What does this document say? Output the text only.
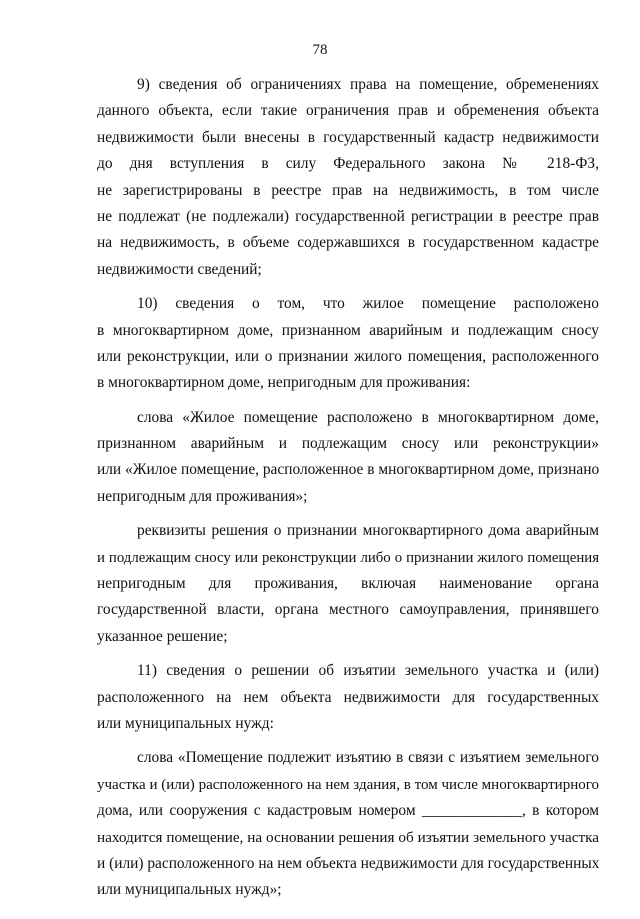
78
9) сведения об ограничениях права на помещение, обременениях
данного объекта, если такие ограничения прав и обременения объекта
недвижимости были внесены в государственный кадастр недвижимости
до дня вступления в силу Федерального закона № 218-ФЗ,
не зарегистрированы в реестре прав на недвижимость, в том числе
не подлежат (не подлежали) государственной регистрации в реестре прав
на недвижимость, в объеме содержавшихся в государственном кадастре
недвижимости сведений;
10) сведения о том, что жилое помещение расположено
в многоквартирном доме, признанном аварийным и подлежащим сносу
или реконструкции, или о признании жилого помещения, расположенного
в многоквартирном доме, непригодным для проживания:
слова «Жилое помещение расположено в многоквартирном доме,
признанном аварийным и подлежащим сносу или реконструкции»
или «Жилое помещение, расположенное в многоквартирном доме, признано
непригодным для проживания»;
реквизиты решения о признании многоквартирного дома аварийным
и подлежащим сносу или реконструкции либо о признании жилого помещения
непригодным для проживания, включая наименование органа
государственной власти, органа местного самоуправления, принявшего
указанное решение;
11) сведения о решении об изъятии земельного участка и (или)
расположенного на нем объекта недвижимости для государственных
или муниципальных нужд:
слова «Помещение подлежит изъятию в связи с изъятием земельного
участка и (или) расположенного на нем здания, в том числе многоквартирного
дома, или сооружения с кадастровым номером _____________, в котором
находится помещение, на основании решения об изъятии земельного участка
и (или) расположенного на нем объекта недвижимости для государственных
или муниципальных нужд»;
